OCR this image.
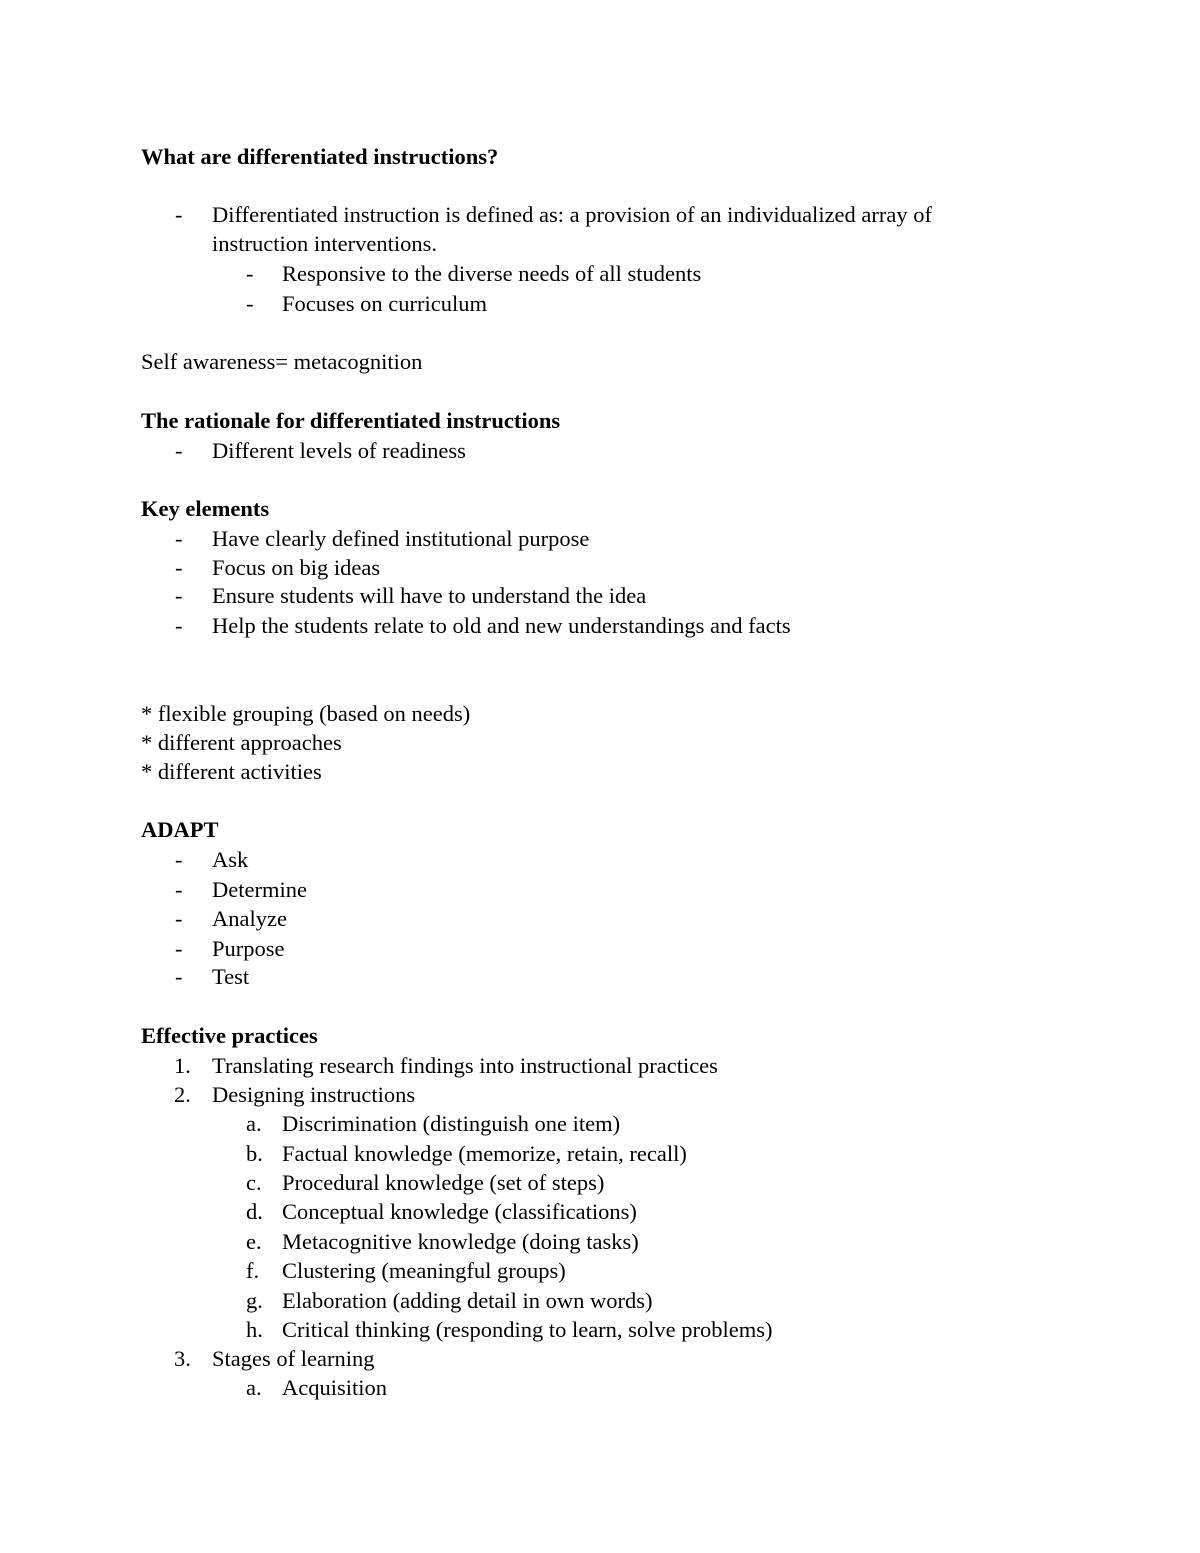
What are differentiated instructions?
- Differentiated instruction is defined as: a provision of an individualized array of
instruction interventions.
- Responsive to the diverse needs of all students
- Focuses on curriculum
Self awareness= metacognition
The rationale for differentiated instructions
- Different levels of readiness
Key elements
- Have clearly defined institutional purpose
- Focus on big ideas
- Ensure students will have to understand the idea
- Help the students relate to old and new understandings and facts
* flexible grouping (based on needs)
* different approaches
* different activities
ADAPT
- Ask
- Determine
- Analyze
- Purpose
- Test
Effective practices
1. Translating research findings into instructional practices
2. Designing instructions
a. Discrimination (distinguish one item)
b. Factual knowledge (memorize, retain, recall)
c. Procedural knowledge (set of steps)
d. Conceptual knowledge (classifications)
e. Metacognitive knowledge (doing tasks)
f. Clustering (meaningful groups)
g. Elaboration (adding detail in own words)
h. Critical thinking (responding to learn, solve problems)
3. Stages of learning
a. Acquisition
